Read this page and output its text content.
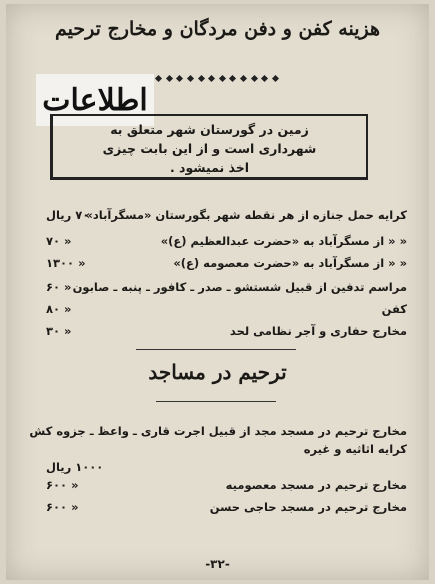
هزینه کفن و دفن مردگان و مخارج ترحیم
اطلاعات
زمین در گورستان شهر متعلق به
شهرداری است و از این بابت چیزی
اخذ نمیشود .
کرایه حمل جنازه از هر نقطه شهر بگورستان «مسگرآباد»
۷۰ ریال
« « از مسگرآباد به «حضرت عبدالعظیم (ع)»
« ۷۰
« « از مسگرآباد به «حضرت معصومه (ع)»
« ۱۳۰۰
مراسم تدفین از قبیل شستشو ـ صدر ـ کافور ـ پنبه ـ صابون
« ۶۰
کفن
« ۸۰
مخارج حفاری و آجر نظامی لحد
« ۳۰
ترحیم در مساجد
مخارج ترحیم در مسجد مجد از قبیل اجرت قاری ـ واعظ ـ جزوه کش
کرایه اثاثیه و غیره
۱۰۰۰ ریال
مخارج ترحیم در مسجد معصومیه
« ۶۰۰
مخارج ترحیم در مسجد حاجی حسن
« ۶۰۰
-۳۲-
